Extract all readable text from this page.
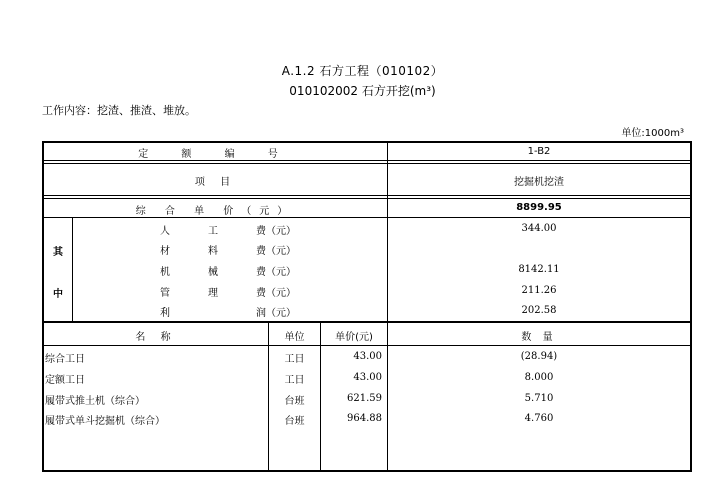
A.1.2 石方工程（010102）
010102002 石方开挖(m³)
工作内容：挖渣、推渣、堆放。
单位:1000m³
定 额 编 号	1-B2
项 目	挖掘机挖渣
综 合 单 价（元）	8899.95
其
中
人	工	费（元）	344.00
材	料	费（元）
机	械	费（元）	8142.11
管	理	费（元）	211.26
利	润（元）	202.58
名 称	单位	单价(元)	数 量
综合工日	工日	43.00	(28.94)
定额工日	工日	43.00	8.000
履带式推土机（综合）	台班	621.59	5.710
履带式单斗挖掘机（综合）	台班	964.88	4.760
